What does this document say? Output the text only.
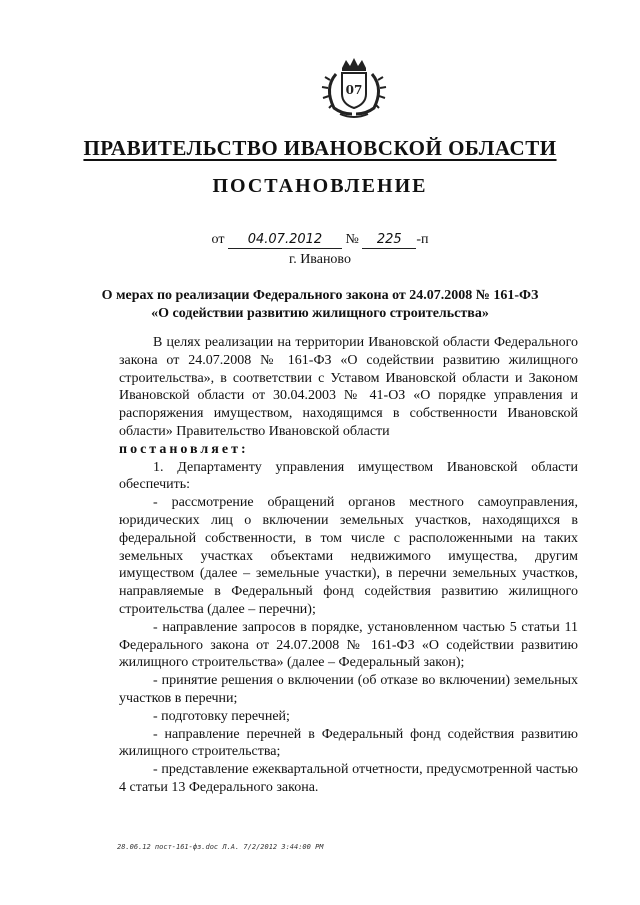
07
ПРАВИТЕЛЬСТВО ИВАНОВСКОЙ ОБЛАСТИ
ПОСТАНОВЛЕНИЕ
от 04.07.2012 № 225 -п
г. Иваново
О мерах по реализации Федерального закона от 24.07.2008 № 161-ФЗ
«О содействии развитию жилищного строительства»

В целях реализации на территории Ивановской области Федерального закона от 24.07.2008 № 161-ФЗ «О содействии развитию жилищного строительства», в соответствии с Уставом Ивановской области и Законом Ивановской области от 30.04.2003 № 41-ОЗ «О порядке управления и распоряжения имуществом, находящимся в собственности Ивановской области» Правительство Ивановской области

постановляет:

1. Департаменту управления имуществом Ивановской области обеспечить:

- рассмотрение обращений органов местного самоуправления, юридических лиц о включении земельных участков, находящихся в федеральной собственности, в том числе с расположенными на таких земельных участках объектами недвижимого имущества, другим имуществом (далее – земельные участки), в перечни земельных участков, направляемые в Федеральный фонд содействия развитию жилищного строительства (далее – перечни);

- направление запросов в порядке, установленном частью 5 статьи 11 Федерального закона от 24.07.2008 № 161-ФЗ «О содействии развитию жилищного строительства» (далее – Федеральный закон);

- принятие решения о включении (об отказе во включении) земельных участков в перечни;

- подготовку перечней;

- направление перечней в Федеральный фонд содействия развитию жилищного строительства;

- представление ежеквартальной отчетности, предусмотренной частью 4 статьи 13 Федерального закона.

28.06.12 пост-161-фз.doc Л.А. 7/2/2012 3:44:00 PM
